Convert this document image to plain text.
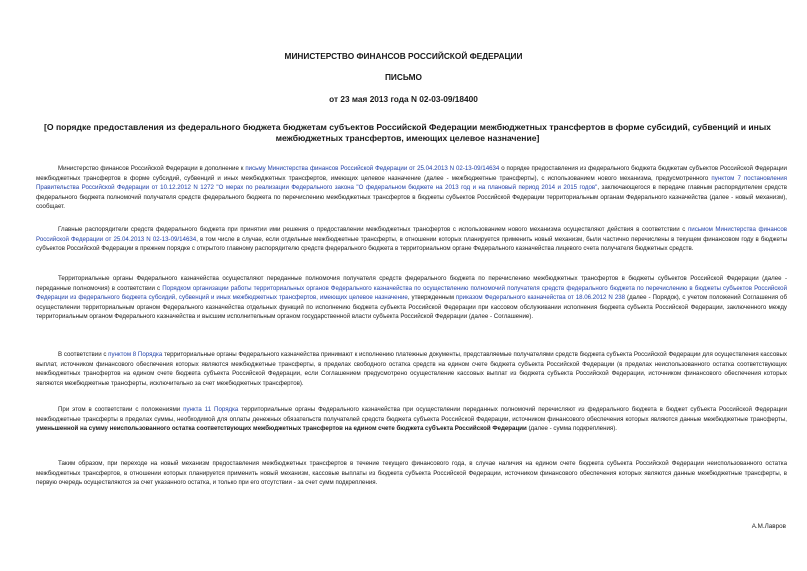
МИНИСТЕРСТВО ФИНАНСОВ РОССИЙСКОЙ ФЕДЕРАЦИИ
ПИСЬМО
от 23 мая 2013 года N 02-03-09/18400
[О порядке предоставления из федерального бюджета бюджетам субъектов Российской Федерации межбюджетных трансфертов в форме субсидий, субвенций и иных межбюджетных трансфертов, имеющих целевое назначение]
Министерство финансов Российской Федерации в дополнение к письму Министерства финансов Российской Федерации от 25.04.2013 N 02-13-09/14634 о порядке предоставления из федерального бюджета бюджетам субъектов Российской Федерации межбюджетных трансфертов в форме субсидий, субвенций и иных межбюджетных трансфертов, имеющих целевое назначение (далее - межбюджетные трансферты), с использованием нового механизма, предусмотренного пунктом 7 постановления Правительства Российской Федерации от 10.12.2012 N 1272 "О мерах по реализации Федерального закона "О федеральном бюджете на 2013 год и на плановый период 2014 и 2015 годов", заключающегося в передаче главным распорядителем средств федерального бюджета полномочий получателя средств федерального бюджета по перечислению межбюджетных трансфертов в бюджеты субъектов Российской Федерации территориальным органам Федерального казначейства (далее - новый механизм), сообщает.
Главные распорядители средств федерального бюджета при принятии ими решения о предоставлении межбюджетных трансфертов с использованием нового механизма осуществляют действия в соответствии с письмом Министерства финансов Российской Федерации от 25.04.2013 N 02-13-09/14634, в том числе в случае, если отдельные межбюджетные трансферты, в отношении которых планируется применить новый механизм, были частично перечислены в текущем финансовом году в бюджеты субъектов Российской Федерации в прежнем порядке с открытого главному распорядителю средств федерального бюджета в территориальном органе Федерального казначейства лицевого счета получателя бюджетных средств.
Территориальные органы Федерального казначейства осуществляют переданные полномочия получателя средств федерального бюджета по перечислению межбюджетных трансфертов в бюджеты субъектов Российской Федерации (далее - переданные полномочия) в соответствии с Порядком организации работы территориальных органов Федерального казначейства по осуществлению полномочий получателя средств федерального бюджета по перечислению в бюджеты субъектов Российской Федерации из федерального бюджета субсидий, субвенций и иных межбюджетных трансфертов, имеющих целевое назначение, утвержденным приказом Федерального казначейства от 18.06.2012 N 238 (далее - Порядок), с учетом положений Соглашения об осуществлении территориальным органом Федерального казначейства отдельных функций по исполнению бюджета субъекта Российской Федерации при кассовом обслуживании исполнения бюджета субъекта Российской Федерации, заключенного между территориальным органом Федерального казначейства и высшим исполнительным органом государственной власти субъекта Российской Федерации (далее - Соглашение).
В соответствии с пунктом 8 Порядка территориальные органы Федерального казначейства принимают к исполнению платежные документы, представляемые получателями средств бюджета субъекта Российской Федерации для осуществления кассовых выплат, источником финансового обеспечения которых являются межбюджетные трансферты, в пределах свободного остатка средств на едином счете бюджета субъекта Российской Федерации (в пределах неиспользованного остатка соответствующих межбюджетных трансфертов на едином счете бюджета субъекта Российской Федерации, если Соглашением предусмотрено осуществление кассовых выплат из бюджета субъекта Российской Федерации, источником финансового обеспечения которых являются межбюджетные трансферты, исключительно за счет межбюджетных трансфертов).
При этом в соответствии с положениями пункта 11 Порядка территориальные органы Федерального казначейства при осуществлении переданных полномочий перечисляют из федерального бюджета в бюджет субъекта Российской Федерации межбюджетные трансферты в пределах суммы, необходимой для оплаты денежных обязательств получателей средств бюджета субъекта Российской Федерации, источником финансового обеспечения которых являются данные межбюджетные трансферты, уменьшенной на сумму неиспользованного остатка соответствующих межбюджетных трансфертов на едином счете бюджета субъекта Российской Федерации (далее - сумма подкрепления).
Таким образом, при переходе на новый механизм предоставления межбюджетных трансфертов в течение текущего финансового года, в случае наличия на едином счете бюджета субъекта Российской Федерации неиспользованного остатка межбюджетных трансфертов, в отношении которых планируется применить новый механизм, кассовые выплаты из бюджета субъекта Российской Федерации, источником финансового обеспечения которых являются данные межбюджетные трансферты, в первую очередь осуществляются за счет указанного остатка, и только при его отсутствии - за счет сумм подкрепления.
А.М.Лавров
